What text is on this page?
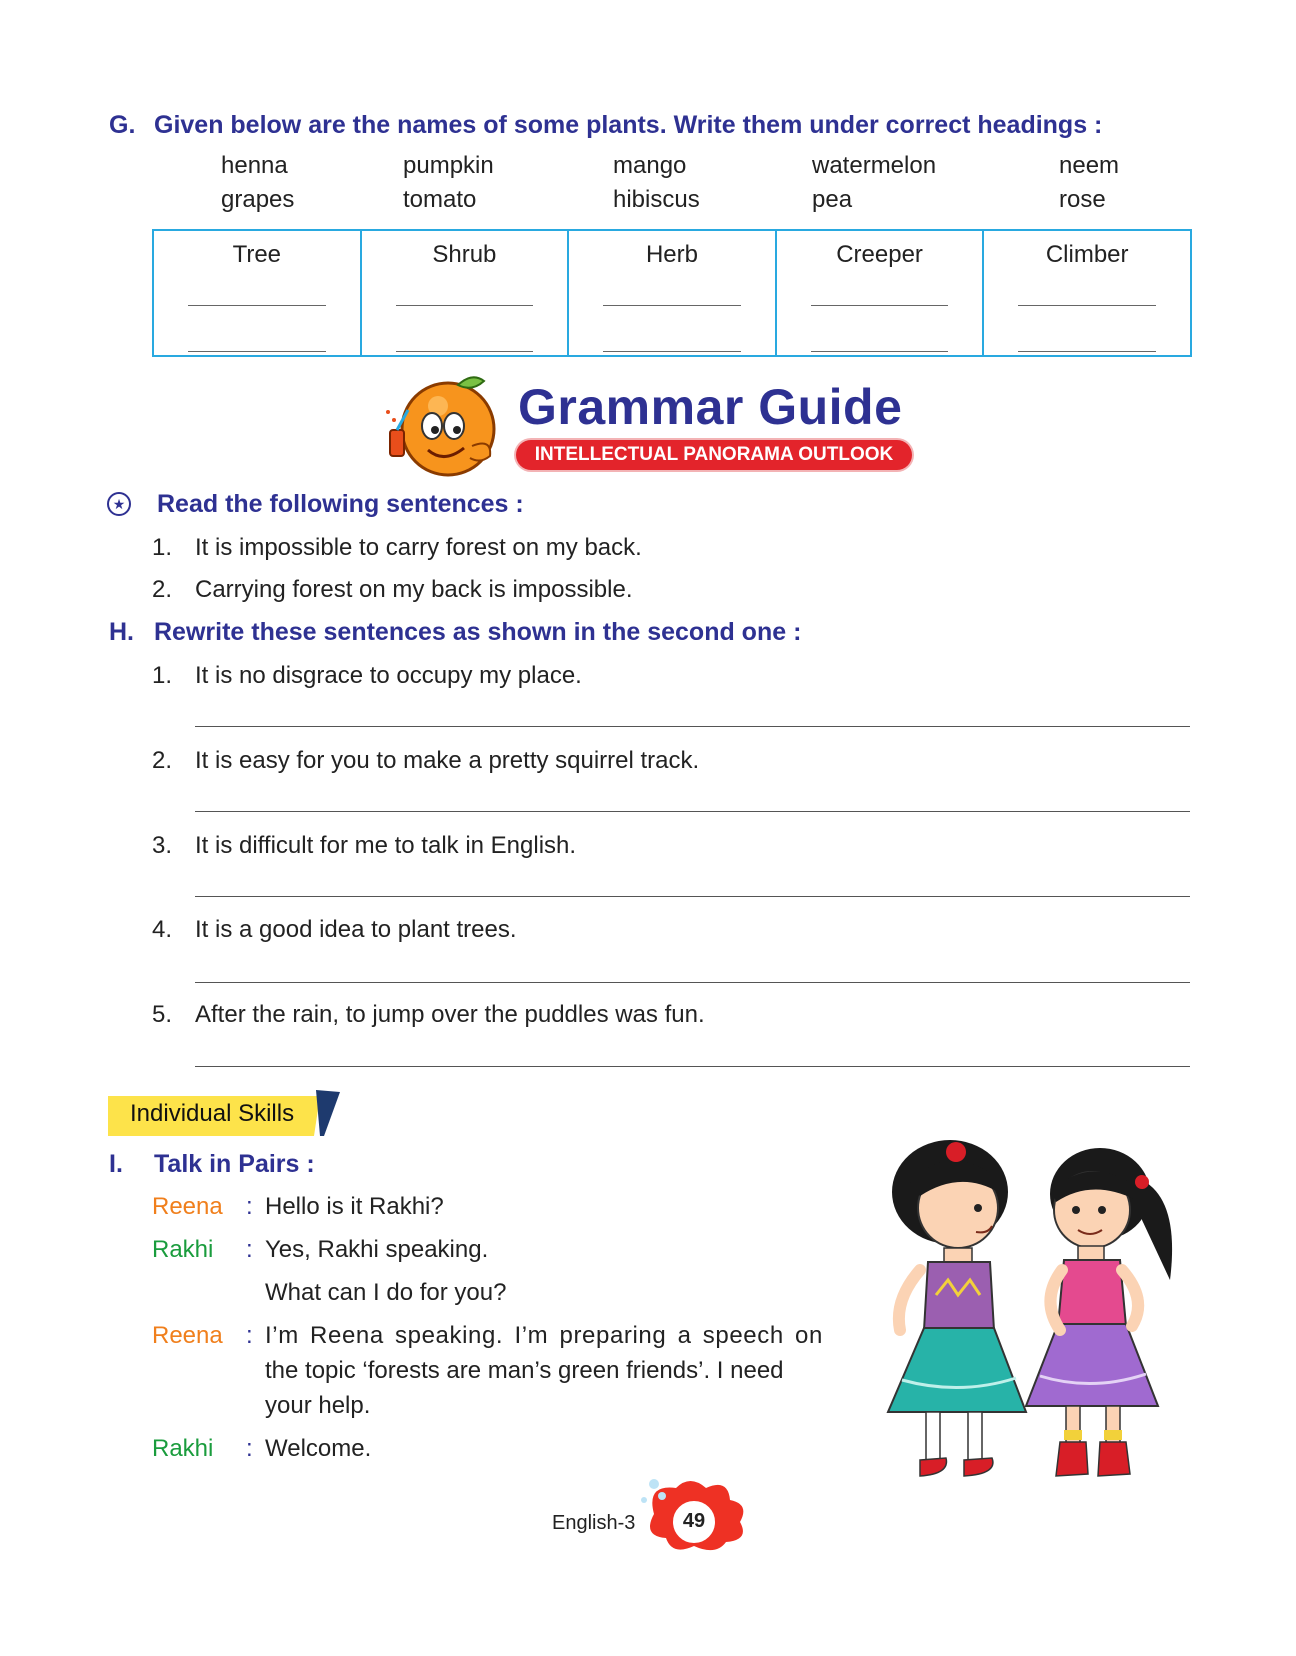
G. Given below are the names of some plants. Write them under correct headings :
henna	pumpkin	mango	watermelon	neem
grapes	tomato	hibiscus	pea	rose
Tree	Shrub	Herb	Creeper	Climber
Grammar Guide
INTELLECTUAL PANORAMA OUTLOOK
★ Read the following sentences :
1. It is impossible to carry forest on my back.
2. Carrying forest on my back is impossible.
H. Rewrite these sentences as shown in the second one :
1. It is no disgrace to occupy my place.
2. It is easy for you to make a pretty squirrel track.
3. It is difficult for me to talk in English.
4. It is a good idea to plant trees.
5. After the rain, to jump over the puddles was fun.
Individual Skills
I. Talk in Pairs :
Reena : Hello is it Rakhi?
Rakhi : Yes, Rakhi speaking.
What can I do for you?
Reena : I’m Reena speaking. I’m preparing a speech on
the topic ‘forests are man’s green friends’. I need
your help.
Rakhi : Welcome.
English-3	49
